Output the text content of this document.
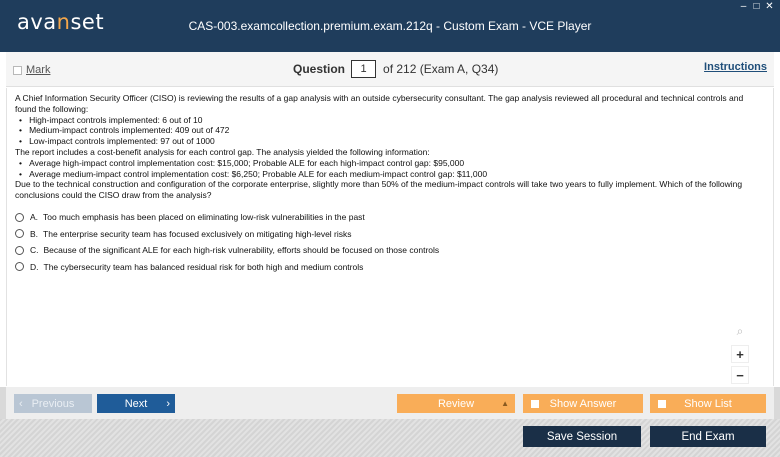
avanset	CAS-003.examcollection.premium.exam.212q - Custom Exam - VCE Player
– □ ✕
Mark	Question	1	of 212 (Exam A, Q34)	Instructions
A Chief Information Security Officer (CISO) is reviewing the results of a gap analysis with an outside cybersecurity consultant. The gap analysis reviewed all procedural and technical controls and found the following:
•   High-impact controls implemented: 6 out of 10
•   Medium-impact controls implemented: 409 out of 472
•   Low-impact controls implemented: 97 out of 1000
The report includes a cost-benefit analysis for each control gap. The analysis yielded the following information:
•   Average high-impact control implementation cost: $15,000; Probable ALE for each high-impact control gap: $95,000
•   Average medium-impact control implementation cost: $6,250; Probable ALE for each medium-impact control gap: $11,000
Due to the technical construction and configuration of the corporate enterprise, slightly more than 50% of the medium-impact controls will take two years to fully implement. Which of the following conclusions could the CISO draw from the analysis?
A. Too much emphasis has been placed on eliminating low-risk vulnerabilities in the past
B. The enterprise security team has focused exclusively on mitigating high-level risks
C. Because of the significant ALE for each high-risk vulnerability, efforts should be focused on those controls
D. The cybersecurity team has balanced residual risk for both high and medium controls
⌕
+
−
‹ Previous	Next ›	Review	▲	Show Answer	Show List
Save Session	End Exam
